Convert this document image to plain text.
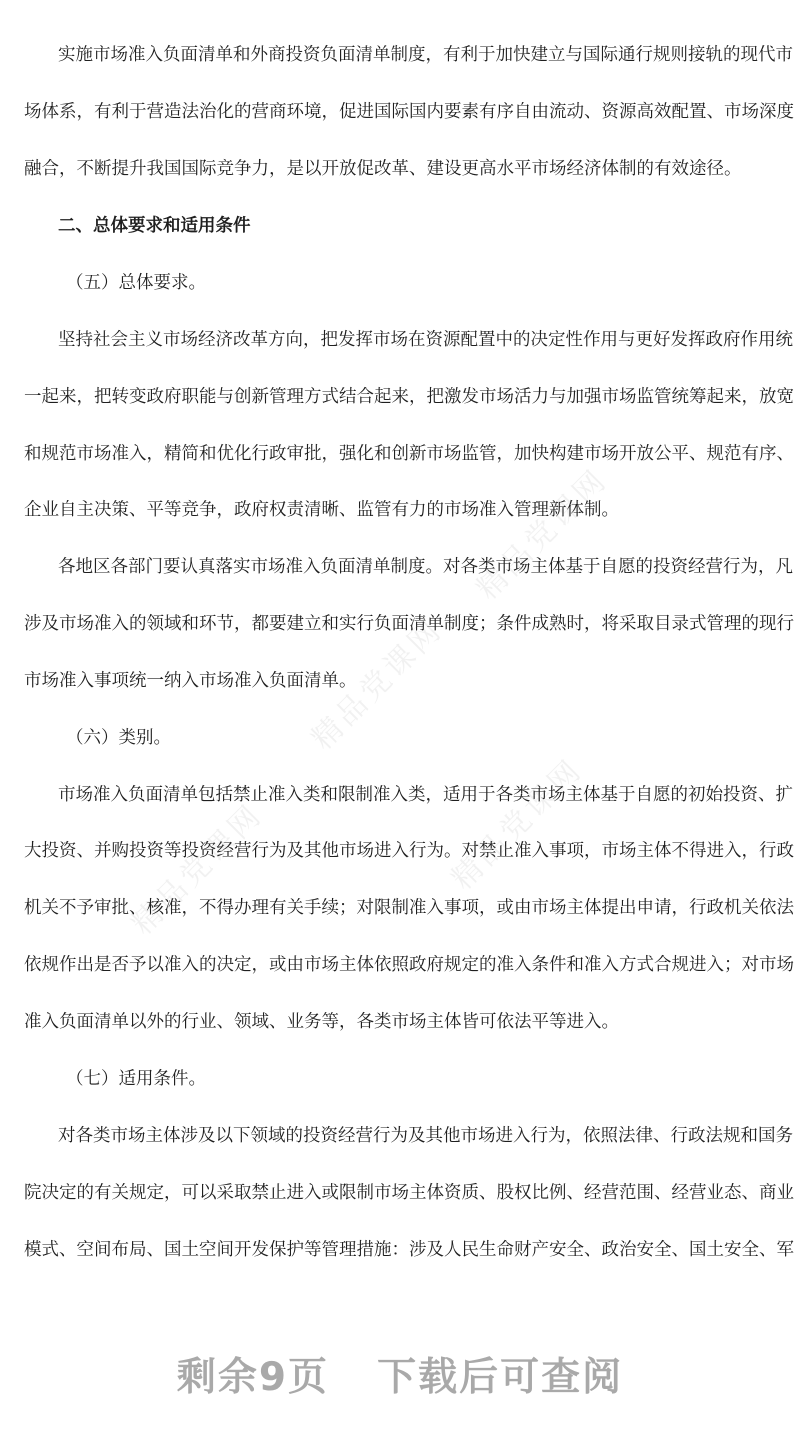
实施市场准入负面清单和外商投资负面清单制度，有利于加快建立与国际通行规则接轨的现代市
场体系，有利于营造法治化的营商环境，促进国际国内要素有序自由流动、资源高效配置、市场深度
融合，不断提升我国国际竞争力，是以开放促改革、建设更高水平市场经济体制的有效途径。
二、总体要求和适用条件
（五）总体要求。
坚持社会主义市场经济改革方向，把发挥市场在资源配置中的决定性作用与更好发挥政府作用统
一起来，把转变政府职能与创新管理方式结合起来，把激发市场活力与加强市场监管统筹起来，放宽
和规范市场准入，精简和优化行政审批，强化和创新市场监管，加快构建市场开放公平、规范有序、
企业自主决策、平等竞争，政府权责清晰、监管有力的市场准入管理新体制。
各地区各部门要认真落实市场准入负面清单制度。对各类市场主体基于自愿的投资经营行为，凡
涉及市场准入的领域和环节，都要建立和实行负面清单制度；条件成熟时，将采取目录式管理的现行
市场准入事项统一纳入市场准入负面清单。
（六）类别。
市场准入负面清单包括禁止准入类和限制准入类，适用于各类市场主体基于自愿的初始投资、扩
大投资、并购投资等投资经营行为及其他市场进入行为。对禁止准入事项，市场主体不得进入，行政
机关不予审批、核准，不得办理有关手续；对限制准入事项，或由市场主体提出申请，行政机关依法
依规作出是否予以准入的决定，或由市场主体依照政府规定的准入条件和准入方式合规进入；对市场
准入负面清单以外的行业、领域、业务等，各类市场主体皆可依法平等进入。
（七）适用条件。
对各类市场主体涉及以下领域的投资经营行为及其他市场进入行为，依照法律、行政法规和国务
院决定的有关规定，可以采取禁止进入或限制市场主体资质、股权比例、经营范围、经营业态、商业
模式、空间布局、国土空间开发保护等管理措施：涉及人民生命财产安全、政治安全、国土安全、军
精品党课网
精品党课网
精品党课网
精品党课网
剩余9页 下载后可查阅
